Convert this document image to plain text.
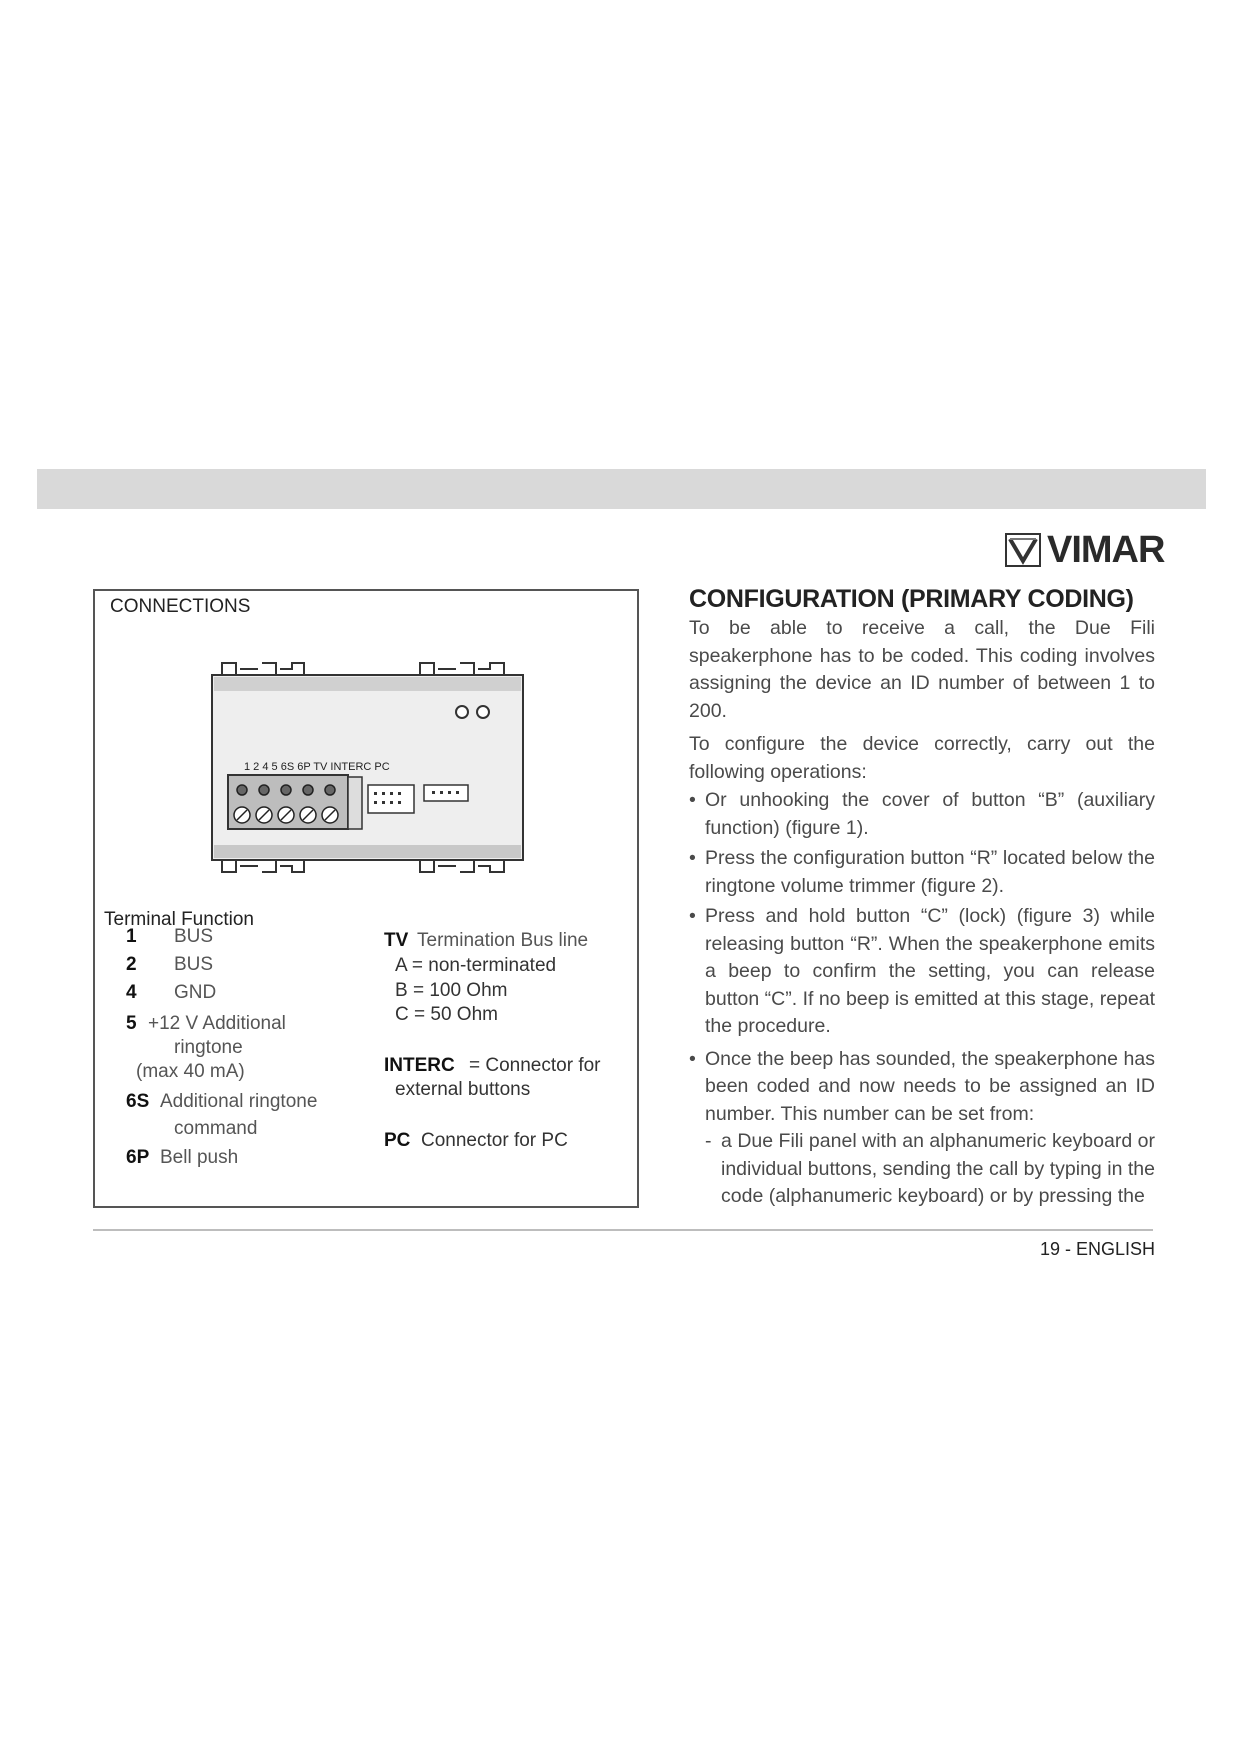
VIMAR
CONNECTIONS
1 2 4 5 6S 6P TV INTERC PC
Terminal Function
1 BUS
2 BUS
4 GND
5 +12 V Additional
ringtone
(max 40 mA)
6S Additional ringtone
command
6P Bell push
TV Termination Bus line
A = non-terminated
B = 100 Ohm
C = 50 Ohm
INTERC = Connector for
external buttons
PC Connector for PC
CONFIGURATION (PRIMARY CODING)

To be able to receive a call, the Due Fili speakerphone has to be coded. This coding involves assigning the device an ID number of between 1 to 200.

To configure the device correctly, carry out the following operations:

• Or unhooking the cover of button “B” (auxiliary function) (figure 1).
• Press the configuration button “R” located below the ringtone volume trimmer (figure 2).
• Press and hold button “C” (lock) (figure 3) while releasing button “R”. When the speakerphone emits a beep to confirm the setting, you can release button “C”. If no beep is emitted at this stage, repeat the procedure.
• Once the beep has sounded, the speakerphone has been coded and now needs to be assigned an ID number. This number can be set from:
- a Due Fili panel with an alphanumeric keyboard or individual buttons, sending the call by typing in the code (alphanumeric keyboard) or by pressing the
19 - ENGLISH
